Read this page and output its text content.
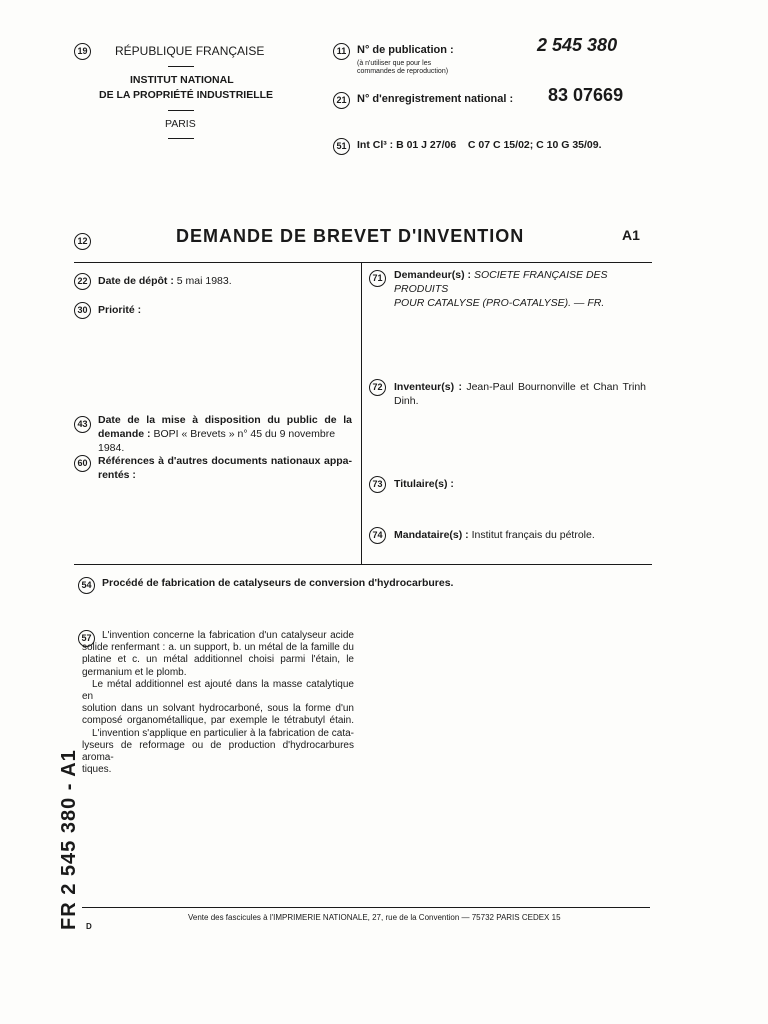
19 RÉPUBLIQUE FRANÇAISE
INSTITUT NATIONAL
DE LA PROPRIÉTÉ INDUSTRIELLE
PARIS
11 N° de publication :
(à n'utiliser que pour les
commandes de reproduction)
2 545 380
21 N° d'enregistrement national : 83 07669
51	Int Cl³ : B 01 J 27/06    C 07 C 15/02; C 10 G 35/09.
12	DEMANDE DE BREVET D'INVENTION	A1
22	Date de dépôt : 5 mai 1983.
30	Priorité :
43	Date de la mise à disposition du public de la
demande : BOPI « Brevets » n° 45 du 9 novembre 1984.
60	Références à d'autres documents nationaux appa-
rentés :
71	Demandeur(s) : SOCIETE FRANÇAISE DES PRODUITS
POUR CATALYSE (PRO-CATALYSE). — FR.
72	Inventeur(s) : Jean-Paul Bournonville et Chan Trinh
Dinh.
73	Titulaire(s) :
74	Mandataire(s) : Institut français du pétrole.
54	Procédé de fabrication de catalyseurs de conversion d'hydrocarbures.
57	L'invention concerne la fabrication d'un catalyseur acide

solide renfermant : a. un support, b. un métal de la famille du

platine et c. un métal additionnel choisi parmi l'étain, le

germanium et le plomb.

Le métal additionnel est ajouté dans la masse catalytique en

solution dans un solvant hydrocarboné, sous la forme d'un

composé organométallique, par exemple le tétrabutyl étain.

L'invention s'applique en particulier à la fabrication de cata-

lyseurs de reformage ou de production d'hydrocarbures aroma-

tiques.

FR 2 545 380 - A1 D
Vente des fascicules à l'IMPRIMERIE NATIONALE, 27, rue de la Convention — 75732 PARIS CEDEX 15
